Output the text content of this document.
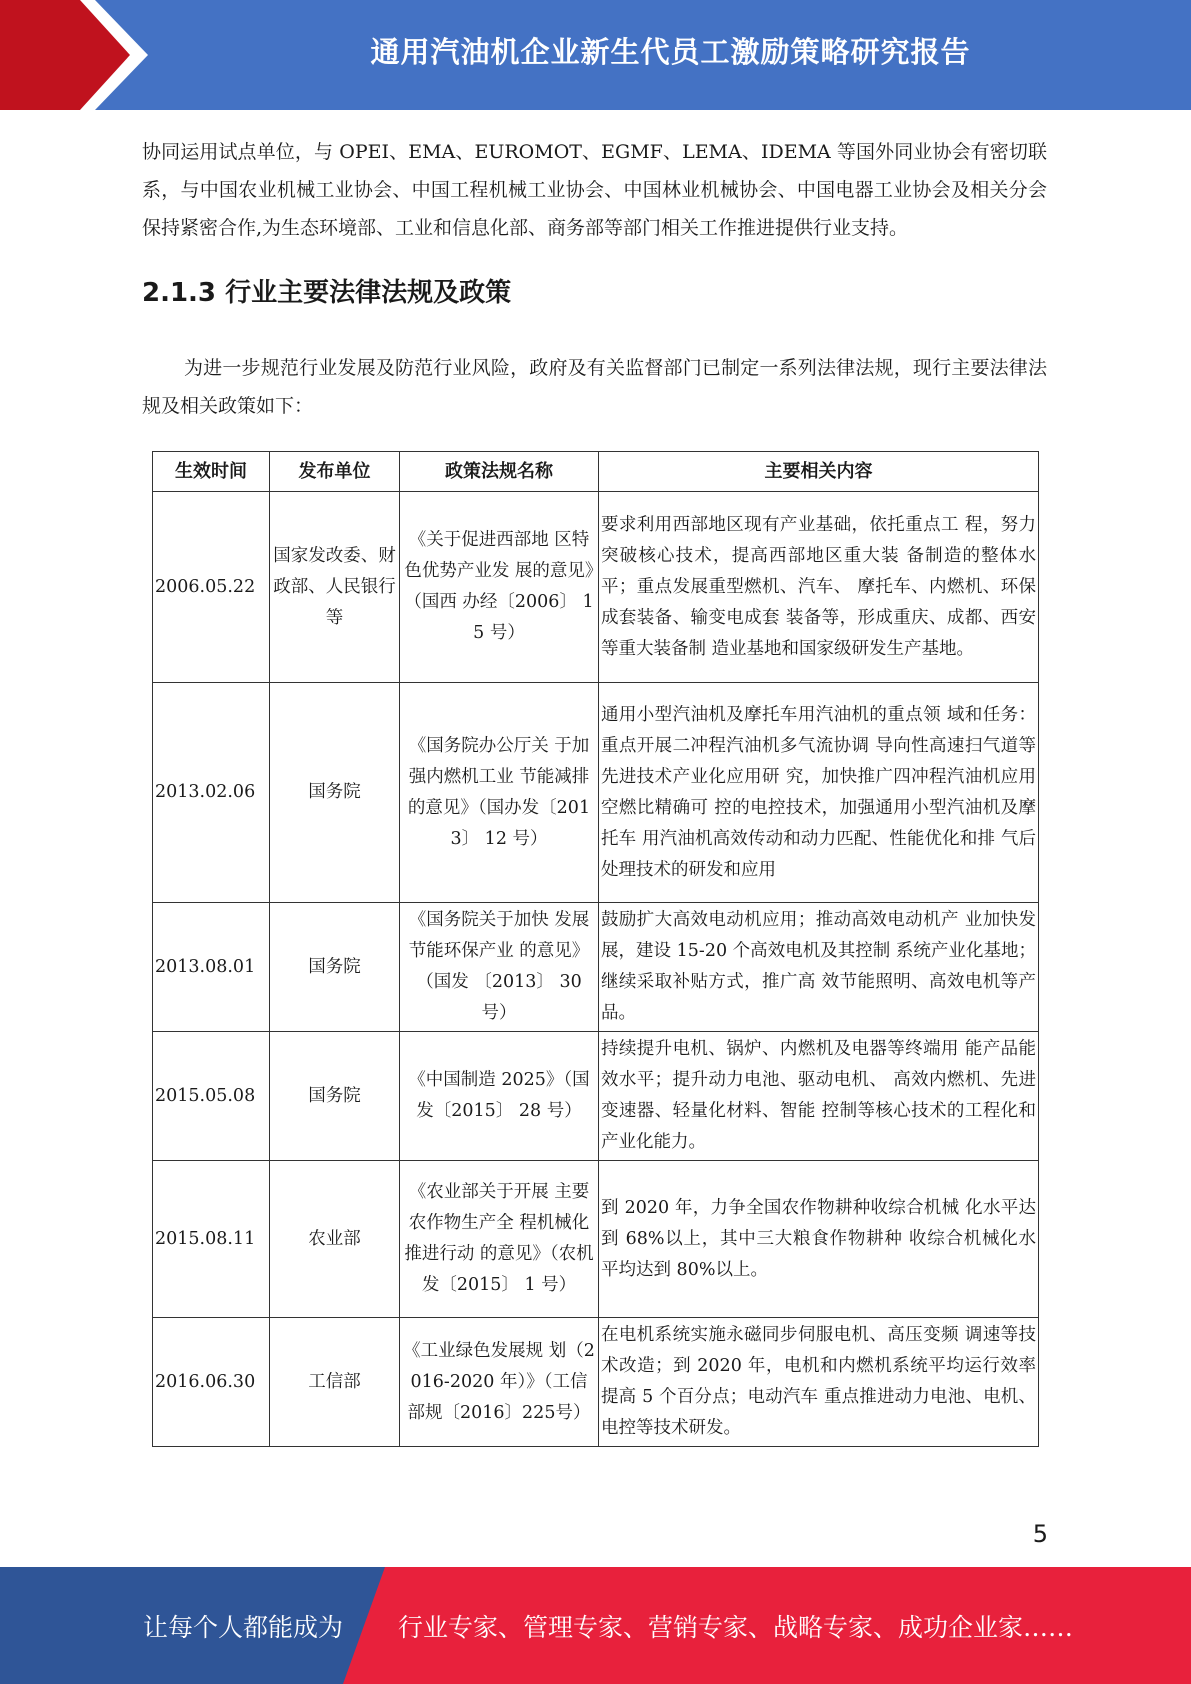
通用汽油机企业新生代员工激励策略研究报告
协同运用试点单位，与 OPEI、EMA、EUROMOT、EGMF、LEMA、IDEMA 等国外同业协会有密切联系，与中国农业机械工业协会、中国工程机械工业协会、中国林业机械协会、中国电器工业协会及相关分会保持紧密合作,为生态环境部、工业和信息化部、商务部等部门相关工作推进提供行业支持。
2.1.3 行业主要法律法规及政策
为进一步规范行业发展及防范行业风险，政府及有关监督部门已制定一系列法律法规，现行主要法律法规及相关政策如下：
生效时间	发布单位	政策法规名称	主要相关内容
2006.05.22	国家发改委、财政部、人民银行等	《关于促进西部地 区特色优势产业发 展的意见》（国西 办经〔2006〕 15 号）	要求利用西部地区现有产业基础，依托重点工 程，努力突破核心技术，提高西部地区重大装 备制造的整体水平；重点发展重型燃机、汽车、 摩托车、内燃机、环保成套装备、输变电成套 装备等，形成重庆、成都、西安等重大装备制 造业基地和国家级研发生产基地。
2013.02.06	国务院	《国务院办公厅关 于加强内燃机工业 节能减排的意见》（国办发〔2013〕 12 号）	通用小型汽油机及摩托车用汽油机的重点领 域和任务：重点开展二冲程汽油机多气流协调 导向性高速扫气道等先进技术产业化应用研 究，加快推广四冲程汽油机应用空燃比精确可 控的电控技术，加强通用小型汽油机及摩托车 用汽油机高效传动和动力匹配、性能优化和排 气后处理技术的研发和应用
2013.08.01	国务院	《国务院关于加快 发展节能环保产业 的意见》（国发 〔2013〕 30 号）	鼓励扩大高效电动机应用；推动高效电动机产 业加快发展，建设 15-20 个高效电机及其控制 系统产业化基地；继续采取补贴方式，推广高 效节能照明、高效电机等产品。
2015.05.08	国务院	《中国制造 2025》（国发〔2015〕 28 号）	持续提升电机、锅炉、内燃机及电器等终端用 能产品能效水平；提升动力电池、驱动电机、 高效内燃机、先进变速器、轻量化材料、智能 控制等核心技术的工程化和产业化能力。
2015.08.11	农业部	《农业部关于开展 主要农作物生产全 程机械化推进行动 的意见》（农机发〔2015〕 1 号）	到 2020 年，力争全国农作物耕种收综合机械 化水平达到 68%以上，其中三大粮食作物耕种 收综合机械化水平均达到 80%以上。
2016.06.30	工信部	《工业绿色发展规 划（2016-2020 年）》（工信部规〔2016〕225号）	在电机系统实施永磁同步伺服电机、高压变频 调速等技术改造；到 2020 年，电机和内燃机系统平均运行效率提高 5 个百分点；电动汽车 重点推进动力电池、电机、电控等技术研发。
5
让每个人都能成为 行业专家、管理专家、营销专家、战略专家、成功企业家……
